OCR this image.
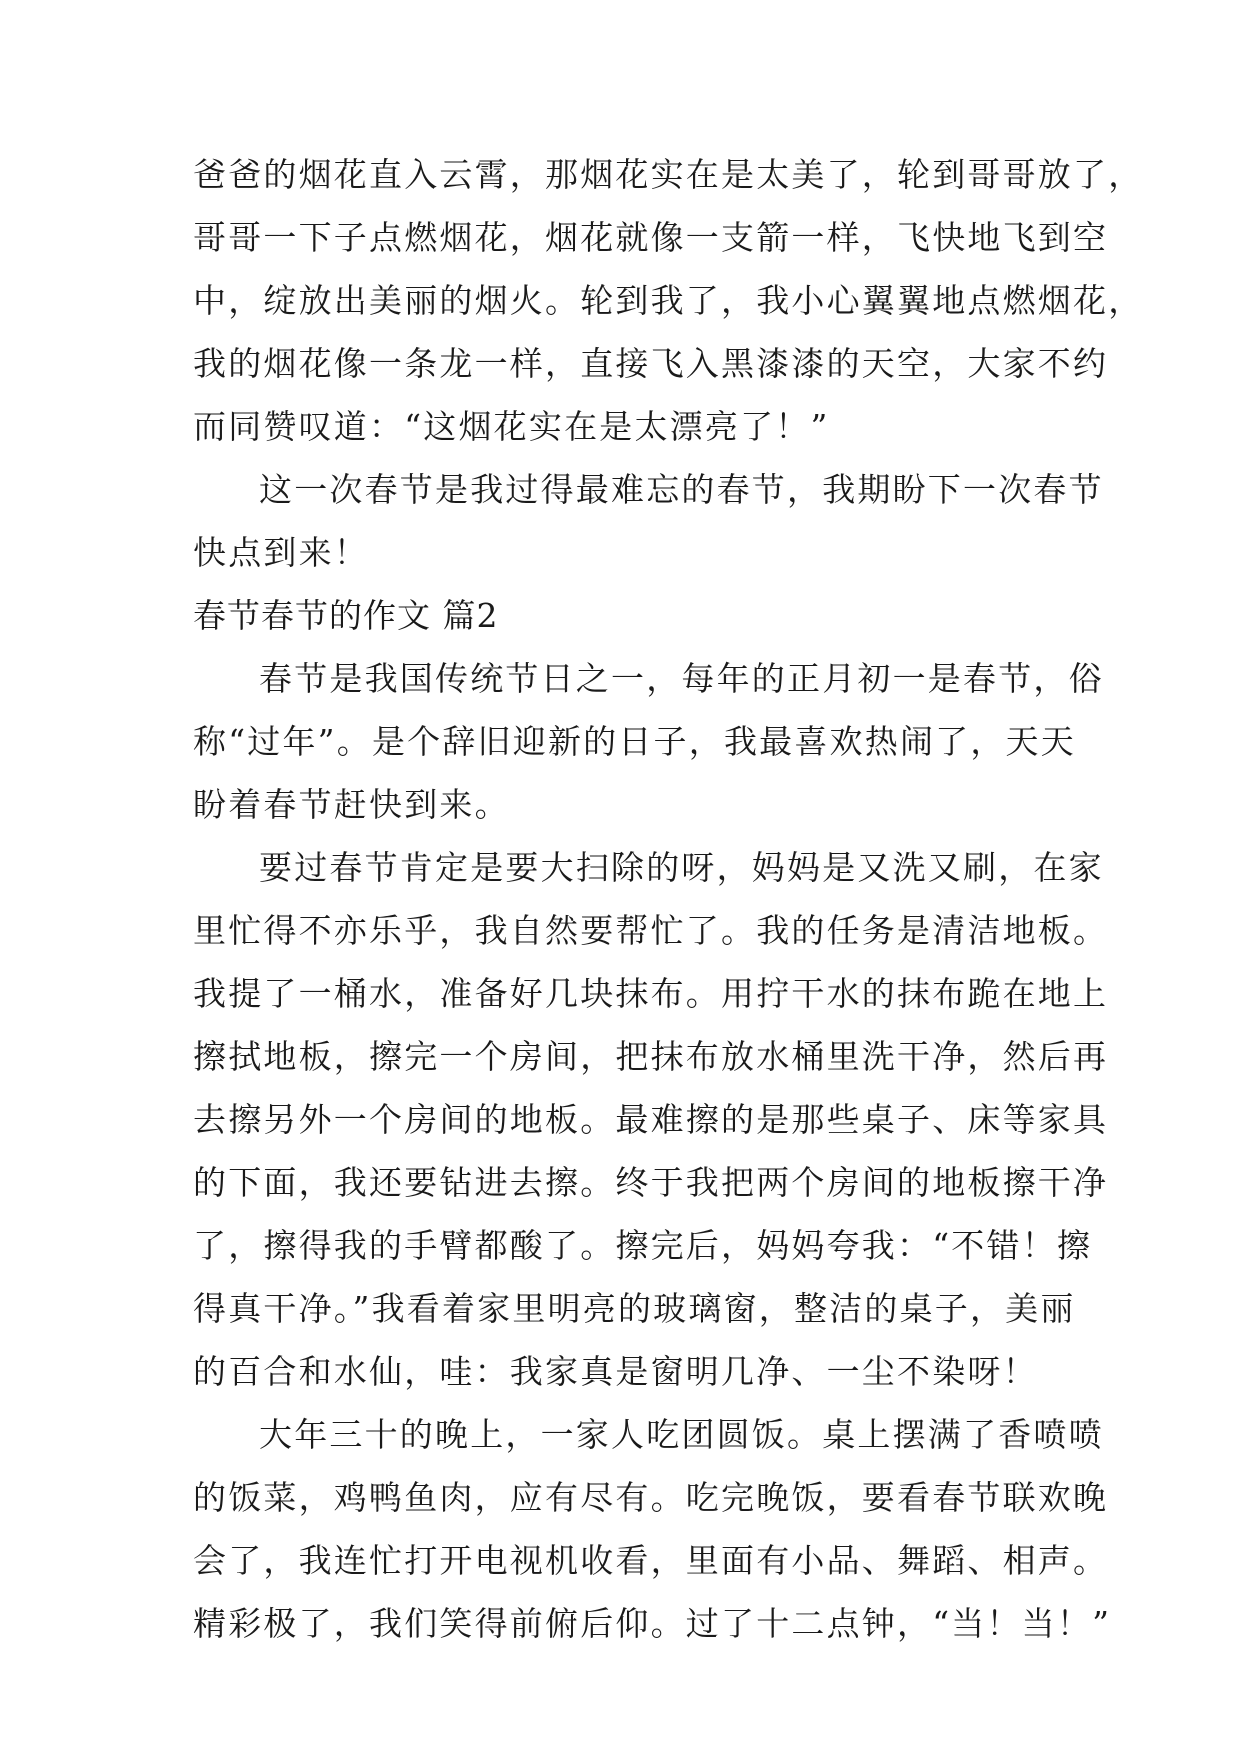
爸爸的烟花直入云霄，那烟花实在是太美了，轮到哥哥放了，
哥哥一下子点燃烟花，烟花就像一支箭一样，飞快地飞到空
中，绽放出美丽的烟火。轮到我了，我小心翼翼地点燃烟花，
我的烟花像一条龙一样，直接飞入黑漆漆的天空，大家不约
而同赞叹道：“这烟花实在是太漂亮了！”
这一次春节是我过得最难忘的春节，我期盼下一次春节
快点到来！
春节春节的作文 篇2
春节是我国传统节日之一，每年的正月初一是春节，俗
称“过年”。是个辞旧迎新的日子，我最喜欢热闹了，天天
盼着春节赶快到来。
要过春节肯定是要大扫除的呀，妈妈是又洗又刷，在家
里忙得不亦乐乎，我自然要帮忙了。我的任务是清洁地板。
我提了一桶水，准备好几块抹布。用拧干水的抹布跪在地上
擦拭地板，擦完一个房间，把抹布放水桶里洗干净，然后再
去擦另外一个房间的地板。最难擦的是那些桌子、床等家具
的下面，我还要钻进去擦。终于我把两个房间的地板擦干净
了，擦得我的手臂都酸了。擦完后，妈妈夸我：“不错！擦
得真干净。”我看着家里明亮的玻璃窗，整洁的桌子，美丽
的百合和水仙，哇：我家真是窗明几净、一尘不染呀！
大年三十的晚上，一家人吃团圆饭。桌上摆满了香喷喷
的饭菜，鸡鸭鱼肉，应有尽有。吃完晚饭，要看春节联欢晚
会了，我连忙打开电视机收看，里面有小品、舞蹈、相声。
精彩极了，我们笑得前俯后仰。过了十二点钟，“当！当！”
